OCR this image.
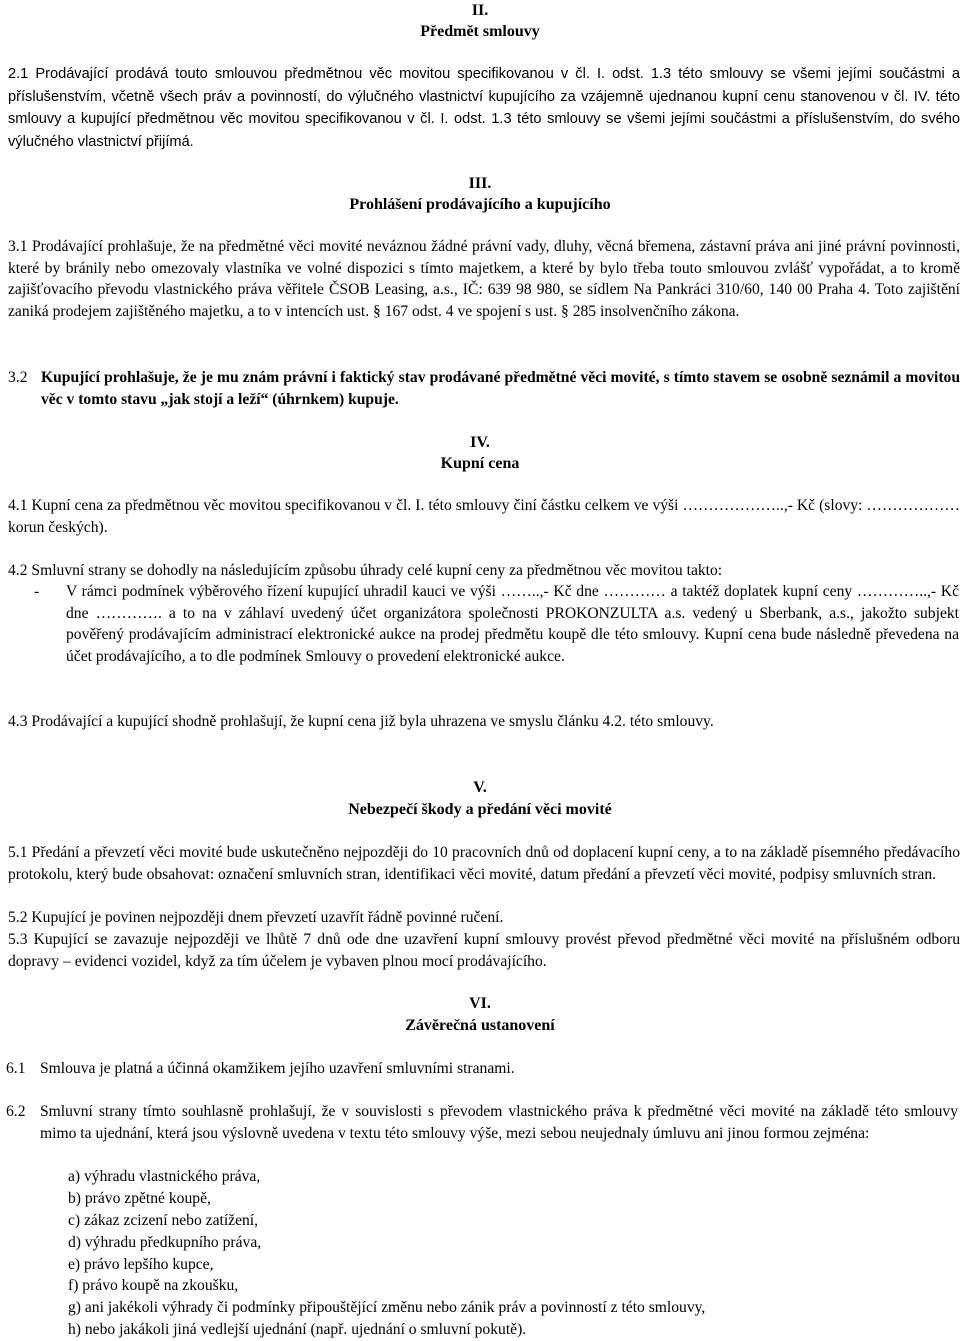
II.
Předmět smlouvy
2.1 Prodávající prodává touto smlouvou předmětnou věc movitou specifikovanou v čl. I. odst. 1.3 této smlouvy se všemi jejími součástmi a příslušenstvím, včetně všech práv a povinností, do výlučného vlastnictví kupujícího za vzájemně ujednanou kupní cenu stanovenou v čl. IV. této smlouvy a kupující předmětnou věc movitou specifikovanou v čl. I. odst. 1.3 této smlouvy se všemi jejími součástmi a příslušenstvím, do svého výlučného vlastnictví přijímá.
III.
Prohlášení prodávajícího a kupujícího
3.1 Prodávající prohlašuje, že na předmětné věci movité neváznou žádné právní vady, dluhy, věcná břemena, zástavní práva ani jiné právní povinnosti, které by bránily nebo omezovaly vlastníka ve volné dispozici s tímto majetkem, a které by bylo třeba touto smlouvou zvlášť vypořádat, a to kromě zajišťovacího převodu vlastnického práva věřitele ČSOB Leasing, a.s., IČ: 639 98 980, se sídlem Na Pankráci 310/60, 140 00 Praha 4. Toto zajištění zaniká prodejem zajištěného majetku, a to v intencích ust. § 167 odst. 4 ve spojení s ust. § 285 insolvenčního zákona.
3.2 Kupující prohlašuje, že je mu znám právní i faktický stav prodávané předmětné věci movité, s tímto stavem se osobně seznámil a movitou věc v tomto stavu „jak stojí a leží“ (úhrnkem) kupuje.
IV.
Kupní cena
4.1 Kupní cena za předmětnou věc movitou specifikovanou v čl. I. této smlouvy činí částku celkem ve výši ………………..,- Kč (slovy: ……………… korun českých).
4.2 Smluvní strany se dohodly na následujícím způsobu úhrady celé kupní ceny za předmětnou věc movitou takto:
- V rámci podmínek výběrového řízení kupující uhradil kauci ve výši ……..,- Kč dne ………… a taktéž doplatek kupní ceny …………..,- Kč dne …………. a to na v záhlaví uvedený účet organizátora společnosti PROKONZULTA a.s. vedený u Sberbank, a.s., jakožto subjekt pověřený prodávajícím administrací elektronické aukce na prodej předmětu koupě dle této smlouvy. Kupní cena bude následně převedena na účet prodávajícího, a to dle podmínek Smlouvy o provedení elektronické aukce.
4.3 Prodávající a kupující shodně prohlašují, že kupní cena již byla uhrazena ve smyslu článku 4.2. této smlouvy.
V.
Nebezpečí škody a předání věci movité
5.1 Předání a převzetí věci movité bude uskutečněno nejpozději do 10 pracovních dnů od doplacení kupní ceny, a to na základě písemného předávacího protokolu, který bude obsahovat: označení smluvních stran, identifikaci věci movité, datum předání a převzetí věci movité, podpisy smluvních stran.
5.2 Kupující je povinen nejpozději dnem převzetí uzavřít řádně povinné ručení.
5.3 Kupující se zavazuje nejpozději ve lhůtě 7 dnů ode dne uzavření kupní smlouvy provést převod předmětné věci movité na příslušném odboru dopravy – evidenci vozidel, když za tím účelem je vybaven plnou mocí prodávajícího.
VI.
Závěrečná ustanovení
6.1 Smlouva je platná a účinná okamžikem jejího uzavření smluvními stranami.
6.2 Smluvní strany tímto souhlasně prohlašují, že v souvislosti s převodem vlastnického práva k předmětné věci movité na základě této smlouvy mimo ta ujednání, která jsou výslovně uvedena v textu této smlouvy výše, mezi sebou neujednaly úmluvu ani jinou formou zejména:
a) výhradu vlastnického práva,
b) právo zpětné koupě,
c) zákaz zcizení nebo zatížení,
d) výhradu předkupního práva,
e) právo lepšího kupce,
f) právo koupě na zkoušku,
g) ani jakékoli výhrady či podmínky připouštějící změnu nebo zánik práv a povinností z této smlouvy,
h) nebo jakákoli jiná vedlejší ujednání (např. ujednání o smluvní pokutě).
